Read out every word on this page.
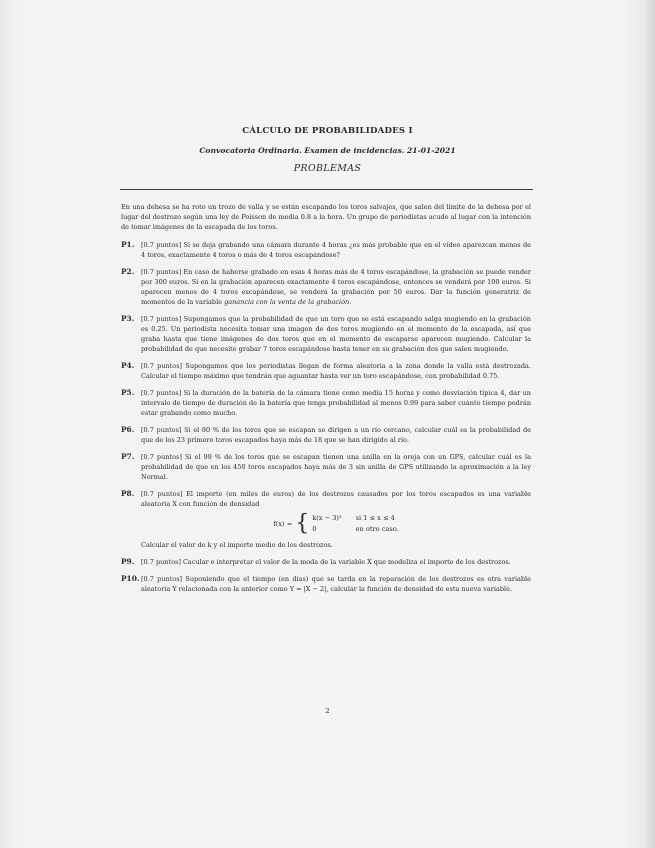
CÁLCULO DE PROBABILIDADES I
Convocatoria Ordinaria. Examen de incidencias. 21-01-2021
PROBLEMAS

En una dehesa se ha roto un trozo de valla y se están escapando los toros salvajes, que salen del límite de la dehesa por el lugar del destrozo según una ley de Poisson de media 0.8 a la hora. Un grupo de periodistas acude al lugar con la intención de tomar imágenes de la escapada de los toros.

P1. [0.7 puntos] Si se deja grabando una cámara durante 4 horas ¿es más probable que en el vídeo aparezcan menos de 4 toros, exactamente 4 toros o más de 4 toros escapándose?

P2. [0.7 puntos] En caso de haberse grabado en esas 4 horas más de 4 toros escapándose, la grabación se puede vender por 300 euros. Si en la grabación aparecen exactamente 4 toros escapándose, entonces se venderá por 100 euros. Si aparecen menos de 4 toros escapándose, se venderá la grabación por 50 euros. Dar la función generatriz de momentos de la variable ganancia con la venta de la grabación.

P3. [0.7 puntos] Supongamos que la probabilidad de que un toro que se está escapando salga mugiendo en la grabación es 0.25. Un periodista necesita tomar una imagen de dos toros mugiendo en el momento de la escapada, así que graba hasta que tiene imágenes de dos toros que en el momento de escaparse aparecen mugiendo. Calcular la probabilidad de que necesite grabar 7 toros escapándose hasta tener en su grabación dos que salen mugiendo.

P4. [0.7 puntos] Supongamos que los periodistas llegan de forma aleatoria a la zona donde la valla está destrozada. Calcular el tiempo máximo que tendrán que aguantar hasta ver un toro escapándose, con probabilidad 0.75.

P5. [0.7 puntos] Si la duración de la batería de la cámara tiene como media 15 horas y como desviación típica 4, dar un intervalo de tiempo de duración de la batería que tenga probabilidad al menos 0.99 para saber cuánto tiempo podrán estar grabando como mucho.

P6. [0.7 puntos] Si el 80 % de los toros que se escapan se dirigen a un río cercano, calcular cuál es la probabilidad de que de los 23 primero toros escapados haya más de 18 que se han dirigido al río.

P7. [0.7 puntos] Si el 99 % de los toros que se escapan tienen una anilla en la oreja con un GPS, calcular cuál es la probabilidad de que en los 450 toros escapados haya más de 3 sin anilla de GPS utilizando la aproximación a la ley Normal.

P8. [0.7 puntos] El importe (en miles de euros) de los destrozos causados por los toros escapados es una variable aleatoria X con función de densidad

f(x) = { k(x − 3)² si 1 ≤ x ≤ 4
0	en otro caso.

Calcular el valor de k y el importe medio de los destrozos.

P9. [0.7 puntos] Cacular e interpretar el valor de la moda de la variable X que modeliza el importe de los destrozos.

P10. [0.7 puntos] Suponiendo que el tiempo (en días) que se tarda en la reparación de los destrozos es otra variable aleatoria Y relacionada con la anterior como Y = |X − 2|, calcular la función de densidad de esta nueva variable.

2
